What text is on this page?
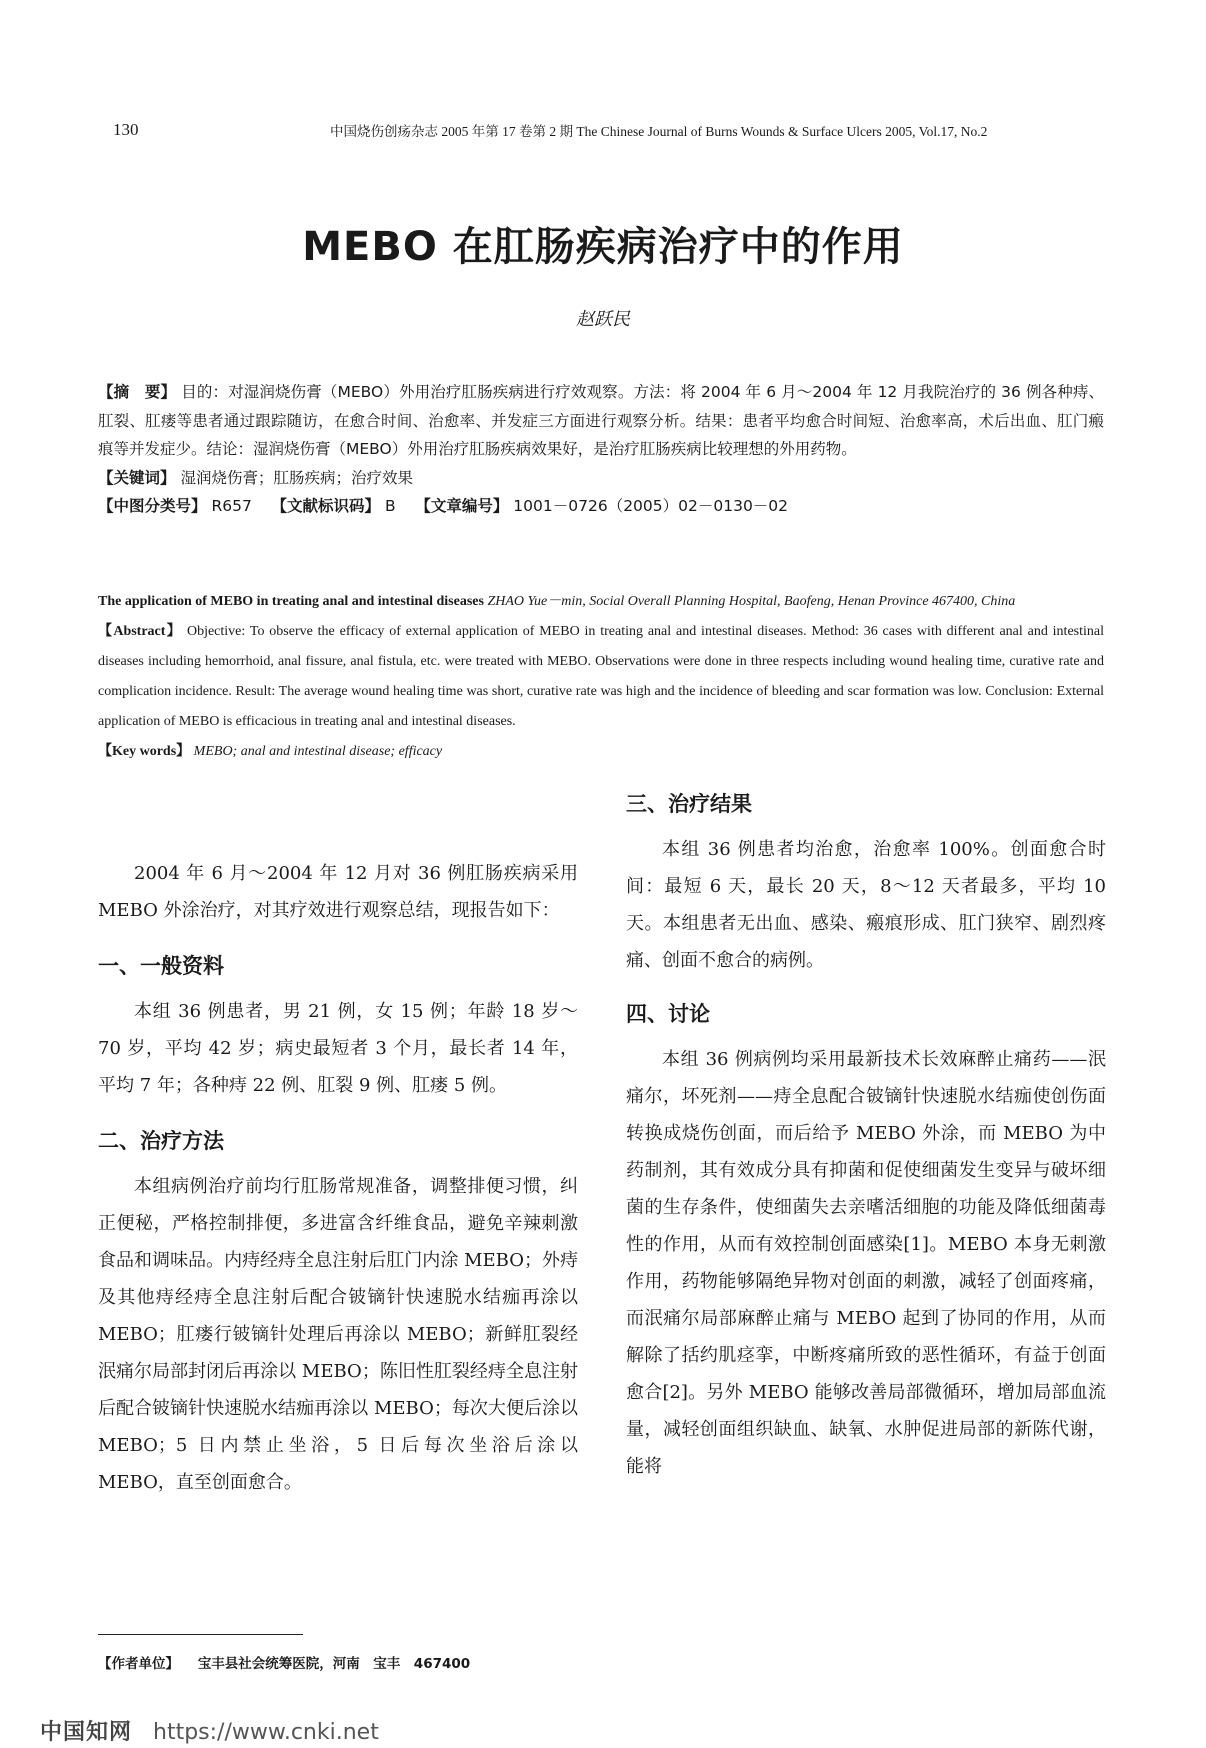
130	中国烧伤创疡杂志 2005 年第 17 卷第 2 期 The Chinese Journal of Burns Wounds & Surface Ulcers 2005, Vol.17, No.2
MEBO 在肛肠疾病治疗中的作用
赵跃民

【摘　要】 目的：对湿润烧伤膏（MEBO）外用治疗肛肠疾病进行疗效观察。方法：将 2004 年 6 月～2004 年 12 月我院治疗的 36 例各种痔、肛裂、肛瘘等患者通过跟踪随访，在愈合时间、治愈率、并发症三方面进行观察分析。结果：患者平均愈合时间短、治愈率高，术后出血、肛门瘢痕等并发症少。结论：湿润烧伤膏（MEBO）外用治疗肛肠疾病效果好，是治疗肛肠疾病比较理想的外用药物。

【关键词】 湿润烧伤膏；肛肠疾病；治疗效果

【中图分类号】 R657 【文献标识码】 B 【文章编号】 1001－0726（2005）02－0130－02

The application of MEBO in treating anal and intestinal diseases ZHAO Yue－min, Social Overall Planning Hospital, Baofeng, Henan Province 467400, China

【Abstract】 Objective: To observe the efficacy of external application of MEBO in treating anal and intestinal diseases. Method: 36 cases with different anal and intestinal diseases including hemorrhoid, anal fissure, anal fistula, etc. were treated with MEBO. Observations were done in three respects including wound healing time, curative rate and complication incidence. Result: The average wound healing time was short, curative rate was high and the incidence of bleeding and scar formation was low. Conclusion: External application of MEBO is efficacious in treating anal and intestinal diseases.

【Key words】 MEBO; anal and intestinal disease; efficacy

2004 年 6 月～2004 年 12 月对 36 例肛肠疾病采用 MEBO 外涂治疗，对其疗效进行观察总结，现报告如下：

一、一般资料

本组 36 例患者，男 21 例，女 15 例；年龄 18 岁～70 岁，平均 42 岁；病史最短者 3 个月，最长者 14 年，平均 7 年；各种痔 22 例、肛裂 9 例、肛瘘 5 例。

二、治疗方法

本组病例治疗前均行肛肠常规准备，调整排便习惯，纠正便秘，严格控制排便，多进富含纤维食品，避免辛辣刺激食品和调味品。内痔经痔全息注射后肛门内涂 MEBO；外痔及其他痔经痔全息注射后配合铍镝针快速脱水结痂再涂以 MEBO；肛瘘行铍镝针处理后再涂以 MEBO；新鲜肛裂经泯痛尔局部封闭后再涂以 MEBO；陈旧性肛裂经痔全息注射后配合铍镝针快速脱水结痂再涂以 MEBO；每次大便后涂以 MEBO；5 日内禁止坐浴，5 日后每次坐浴后涂以 MEBO，直至创面愈合。

三、治疗结果

本组 36 例患者均治愈，治愈率 100%。创面愈合时间：最短 6 天，最长 20 天，8～12 天者最多，平均 10 天。本组患者无出血、感染、瘢痕形成、肛门狭窄、剧烈疼痛、创面不愈合的病例。

四、讨论

本组 36 例病例均采用最新技术长效麻醉止痛药——泯痛尔，坏死剂——痔全息配合铍镝针快速脱水结痂使创伤面转换成烧伤创面，而后给予 MEBO 外涂，而 MEBO 为中药制剂，其有效成分具有抑菌和促使细菌发生变异与破坏细菌的生存条件，使细菌失去亲嗜活细胞的功能及降低细菌毒性的作用，从而有效控制创面感染[1]。MEBO 本身无刺激作用，药物能够隔绝异物对创面的刺激，减轻了创面疼痛，而泯痛尔局部麻醉止痛与 MEBO 起到了协同的作用，从而解除了括约肌痉挛，中断疼痛所致的恶性循环，有益于创面愈合[2]。另外 MEBO 能够改善局部微循环，增加局部血流量，减轻创面组织缺血、缺氧、水肿促进局部的新陈代谢，能将

【作者单位】 宝丰县社会统筹医院，河南　宝丰　467400
中国知网 https://www.cnki.net
